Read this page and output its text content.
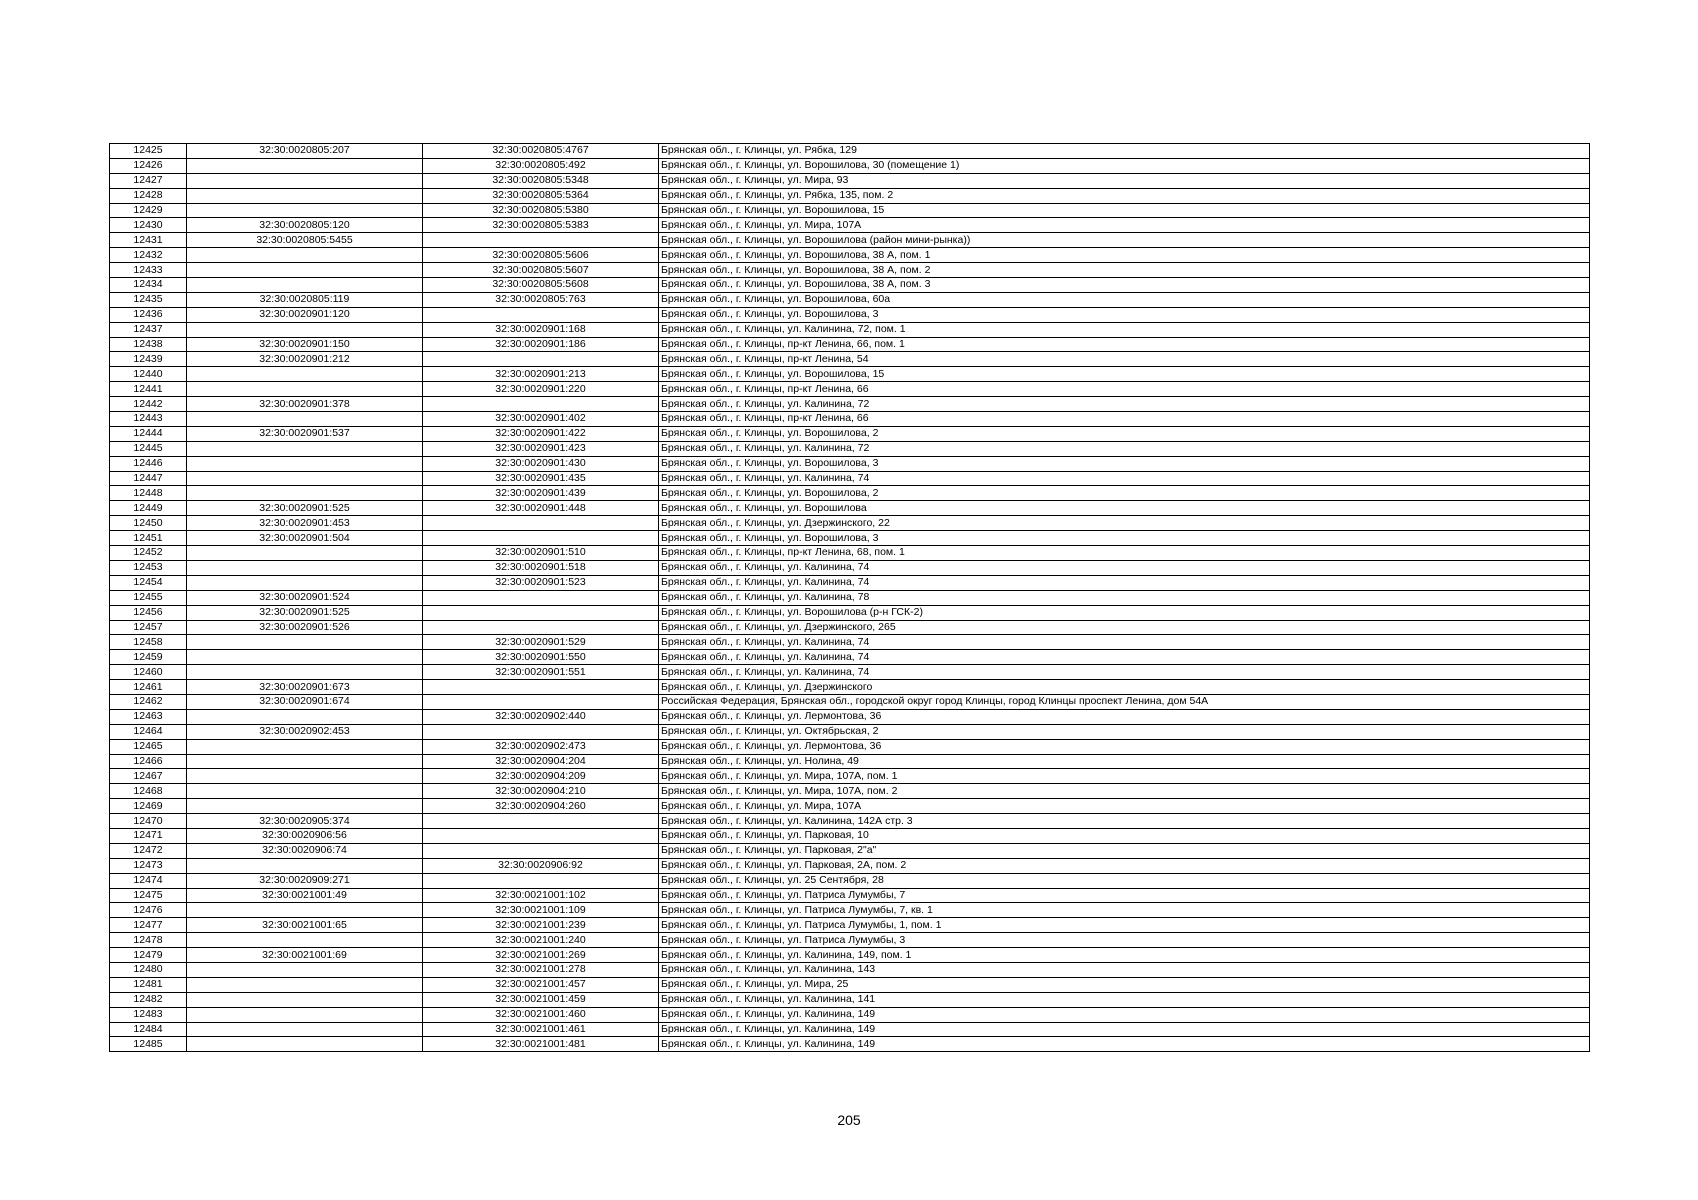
12425	32:30:0020805:207	32:30:0020805:4767	Брянская обл., г. Клинцы, ул. Рябка, 129
12426		32:30:0020805:492	Брянская обл., г. Клинцы, ул. Ворошилова, 30 (помещение 1)
12427		32:30:0020805:5348	Брянская обл., г. Клинцы, ул. Мира, 93
12428		32:30:0020805:5364	Брянская обл., г. Клинцы, ул. Рябка, 135, пом. 2
12429		32:30:0020805:5380	Брянская обл., г. Клинцы, ул. Ворошилова, 15
12430	32:30:0020805:120	32:30:0020805:5383	Брянская обл., г. Клинцы, ул. Мира, 107А
12431	32:30:0020805:5455		Брянская обл., г. Клинцы, ул. Ворошилова (район мини-рынка))
12432		32:30:0020805:5606	Брянская обл., г. Клинцы, ул. Ворошилова, 38 А, пом. 1
12433		32:30:0020805:5607	Брянская обл., г. Клинцы, ул. Ворошилова, 38 А, пом. 2
12434		32:30:0020805:5608	Брянская обл., г. Клинцы, ул. Ворошилова, 38 А, пом. 3
12435	32:30:0020805:119	32:30:0020805:763	Брянская обл., г. Клинцы, ул. Ворошилова, 60а
12436	32:30:0020901:120		Брянская обл., г. Клинцы, ул. Ворошилова, 3
12437		32:30:0020901:168	Брянская обл., г. Клинцы, ул. Калинина, 72, пом. 1
12438	32:30:0020901:150	32:30:0020901:186	Брянская обл., г. Клинцы, пр-кт Ленина, 66, пом. 1
12439	32:30:0020901:212		Брянская обл., г. Клинцы, пр-кт Ленина, 54
12440		32:30:0020901:213	Брянская обл., г. Клинцы, ул. Ворошилова, 15
12441		32:30:0020901:220	Брянская обл., г. Клинцы, пр-кт Ленина, 66
12442	32:30:0020901:378		Брянская обл., г. Клинцы, ул. Калинина, 72
12443		32:30:0020901:402	Брянская обл., г. Клинцы, пр-кт Ленина, 66
12444	32:30:0020901:537	32:30:0020901:422	Брянская обл., г. Клинцы, ул. Ворошилова, 2
12445		32:30:0020901:423	Брянская обл., г. Клинцы, ул. Калинина, 72
12446		32:30:0020901:430	Брянская обл., г. Клинцы, ул. Ворошилова, 3
12447		32:30:0020901:435	Брянская обл., г. Клинцы, ул. Калинина, 74
12448		32:30:0020901:439	Брянская обл., г. Клинцы, ул. Ворошилова, 2
12449	32:30:0020901:525	32:30:0020901:448	Брянская обл., г. Клинцы, ул. Ворошилова
12450	32:30:0020901:453		Брянская обл., г. Клинцы, ул. Дзержинского, 22
12451	32:30:0020901:504		Брянская обл., г. Клинцы, ул. Ворошилова, 3
12452		32:30:0020901:510	Брянская обл., г. Клинцы, пр-кт Ленина, 68, пом. 1
12453		32:30:0020901:518	Брянская обл., г. Клинцы, ул. Калинина, 74
12454		32:30:0020901:523	Брянская обл., г. Клинцы, ул. Калинина, 74
12455	32:30:0020901:524		Брянская обл., г. Клинцы, ул. Калинина, 78
12456	32:30:0020901:525		Брянская обл., г. Клинцы, ул. Ворошилова (р-н ГСК-2)
12457	32:30:0020901:526		Брянская обл., г. Клинцы, ул. Дзержинского, 265
12458		32:30:0020901:529	Брянская обл., г. Клинцы, ул. Калинина, 74
12459		32:30:0020901:550	Брянская обл., г. Клинцы, ул. Калинина, 74
12460		32:30:0020901:551	Брянская обл., г. Клинцы, ул. Калинина, 74
12461	32:30:0020901:673		Брянская обл., г. Клинцы, ул. Дзержинского
12462	32:30:0020901:674		Российская Федерация, Брянская обл., городской округ город Клинцы, город Клинцы проспект Ленина, дом 54А
12463		32:30:0020902:440	Брянская обл., г. Клинцы, ул. Лермонтова, 36
12464	32:30:0020902:453		Брянская обл., г. Клинцы, ул. Октябрьская, 2
12465		32:30:0020902:473	Брянская обл., г. Клинцы, ул. Лермонтова, 36
12466		32:30:0020904:204	Брянская обл., г. Клинцы, ул. Нолина, 49
12467		32:30:0020904:209	Брянская обл., г. Клинцы, ул. Мира, 107А, пом. 1
12468		32:30:0020904:210	Брянская обл., г. Клинцы, ул. Мира, 107А, пом. 2
12469		32:30:0020904:260	Брянская обл., г. Клинцы, ул. Мира, 107А
12470	32:30:0020905:374		Брянская обл., г. Клинцы, ул. Калинина, 142А стр. 3
12471	32:30:0020906:56		Брянская обл., г. Клинцы, ул. Парковая, 10
12472	32:30:0020906:74		Брянская обл., г. Клинцы, ул. Парковая, 2"а"
12473		32:30:0020906:92	Брянская обл., г. Клинцы, ул. Парковая, 2А, пом. 2
12474	32:30:0020909:271		Брянская обл., г. Клинцы, ул. 25 Сентября, 28
12475	32:30:0021001:49	32:30:0021001:102	Брянская обл., г. Клинцы, ул. Патриса Лумумбы, 7
12476		32:30:0021001:109	Брянская обл., г. Клинцы, ул. Патриса Лумумбы, 7, кв. 1
12477	32:30:0021001:65	32:30:0021001:239	Брянская обл., г. Клинцы, ул. Патриса Лумумбы, 1, пом. 1
12478		32:30:0021001:240	Брянская обл., г. Клинцы, ул. Патриса Лумумбы, 3
12479	32:30:0021001:69	32:30:0021001:269	Брянская обл., г. Клинцы, ул. Калинина, 149, пом. 1
12480		32:30:0021001:278	Брянская обл., г. Клинцы, ул. Калинина, 143
12481		32:30:0021001:457	Брянская обл., г. Клинцы, ул. Мира, 25
12482		32:30:0021001:459	Брянская обл., г. Клинцы, ул. Калинина, 141
12483		32:30:0021001:460	Брянская обл., г. Клинцы, ул. Калинина, 149
12484		32:30:0021001:461	Брянская обл., г. Клинцы, ул. Калинина, 149
12485		32:30:0021001:481	Брянская обл., г. Клинцы, ул. Калинина, 149
205
